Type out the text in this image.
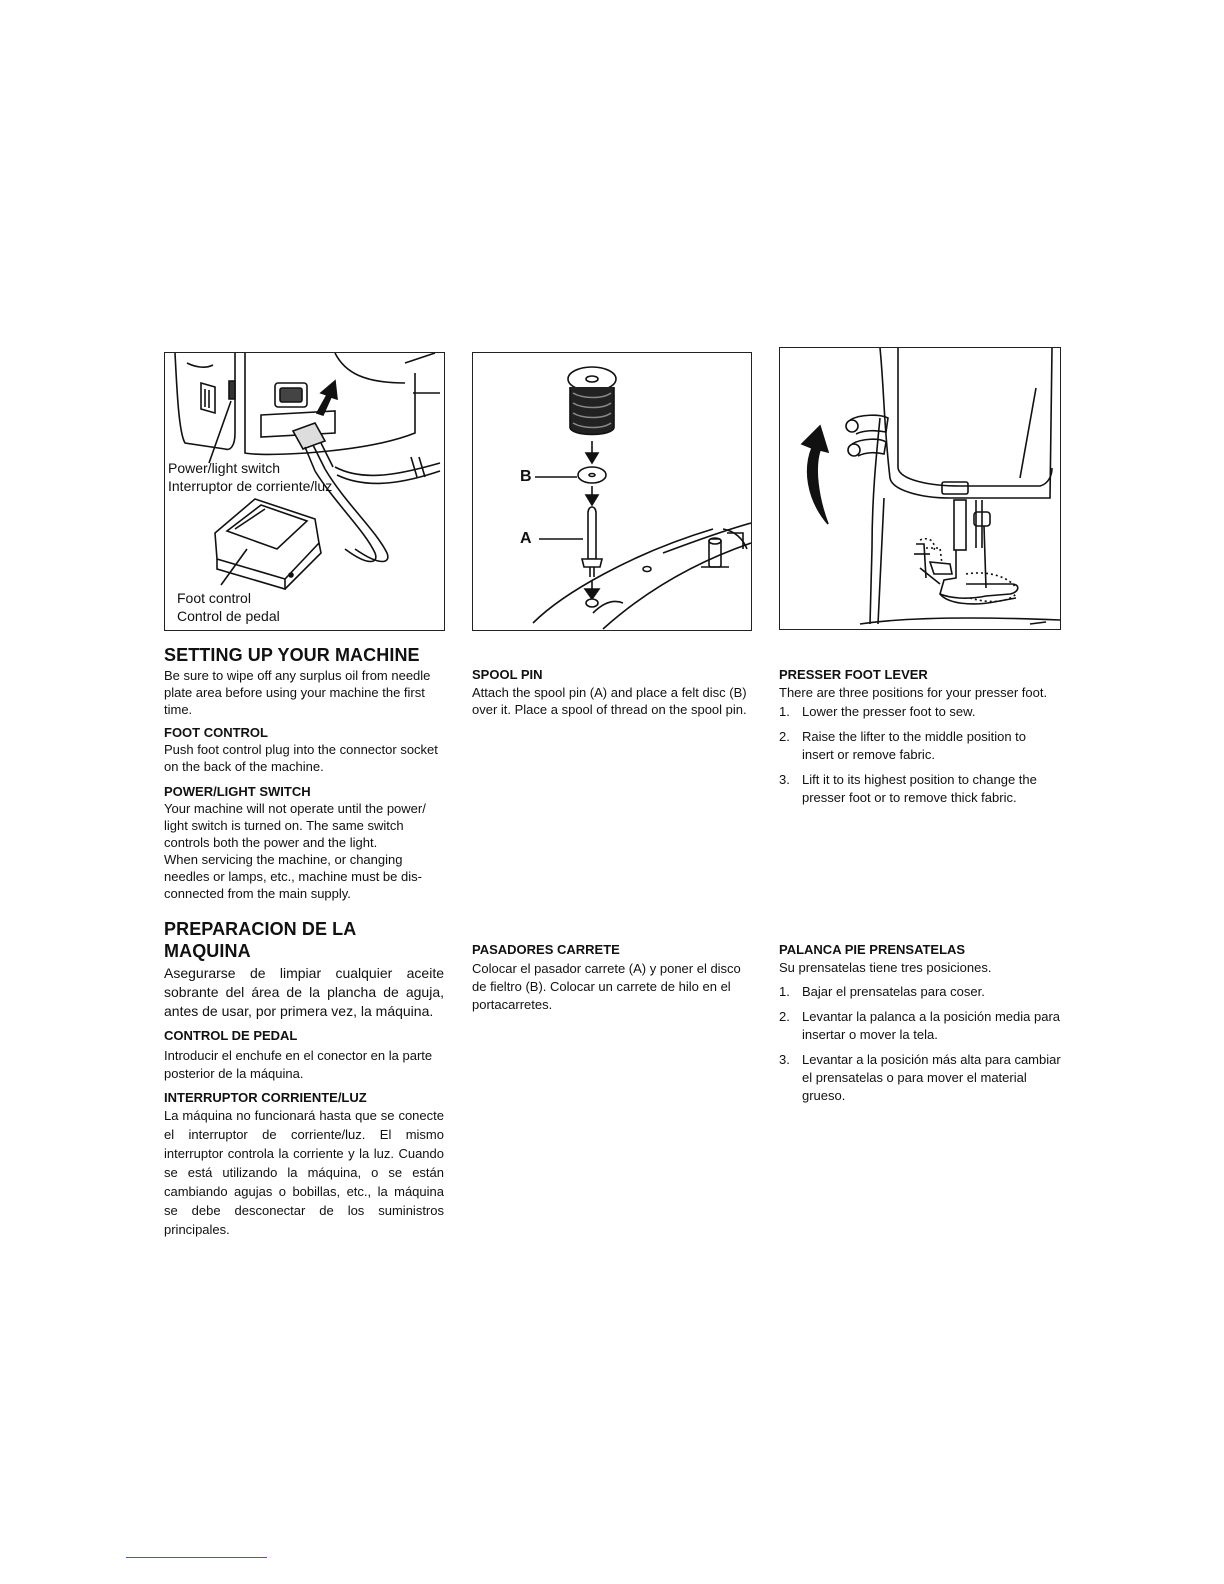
Power/light switch
Interruptor de corriente/luz
Foot control
Control de pedal
B
A
SETTING UP YOUR MACHINE

Be sure to wipe off any surplus oil from needle plate area before using your machine the first time.

FOOT CONTROL

Push foot control plug into the connector socket on the back of the machine.

POWER/LIGHT SWITCH

Your machine will not operate until the power/ light switch is turned on. The same switch controls both the power and the light.

When servicing the machine, or changing needles or lamps, etc., machine must be dis- connected from the main supply.

SPOOL PIN

Attach the spool pin (A) and place a felt disc (B) over it. Place a spool of thread on the spool pin.

PRESSER FOOT LEVER

There are three positions for your presser foot.

1. Lower the presser foot to sew.
2. Raise the lifter to the middle position to insert or remove fabric.
3. Lift it to its highest position to change the presser foot or to remove thick fabric.
PREPARACION DE LA MAQUINA

Asegurarse de limpiar cualquier aceite sobrante del área de la plancha de aguja, antes de usar, por primera vez, la máquina.

CONTROL DE PEDAL

Introducir el enchufe en el conector en la parte posterior de la máquina.

INTERRUPTOR CORRIENTE/LUZ

La máquina no funcionará hasta que se conecte el interruptor de corriente/luz. El mismo interruptor controla la corriente y la luz. Cuando se está utilizando la máquina, o se están cambiando agujas o bobillas, etc., la máquina se debe desconectar de los suministros principales.

PASADORES CARRETE

Colocar el pasador carrete (A) y poner el disco de fieltro (B). Colocar un carrete de hilo en el portacarretes.

PALANCA PIE PRENSATELAS

Su prensatelas tiene tres posiciones.

1. Bajar el prensatelas para coser.
2. Levantar la palanca a la posición media para insertar o mover la tela.
3. Levantar a la posición más alta para cambiar el prensatelas o para mover el material grueso.
